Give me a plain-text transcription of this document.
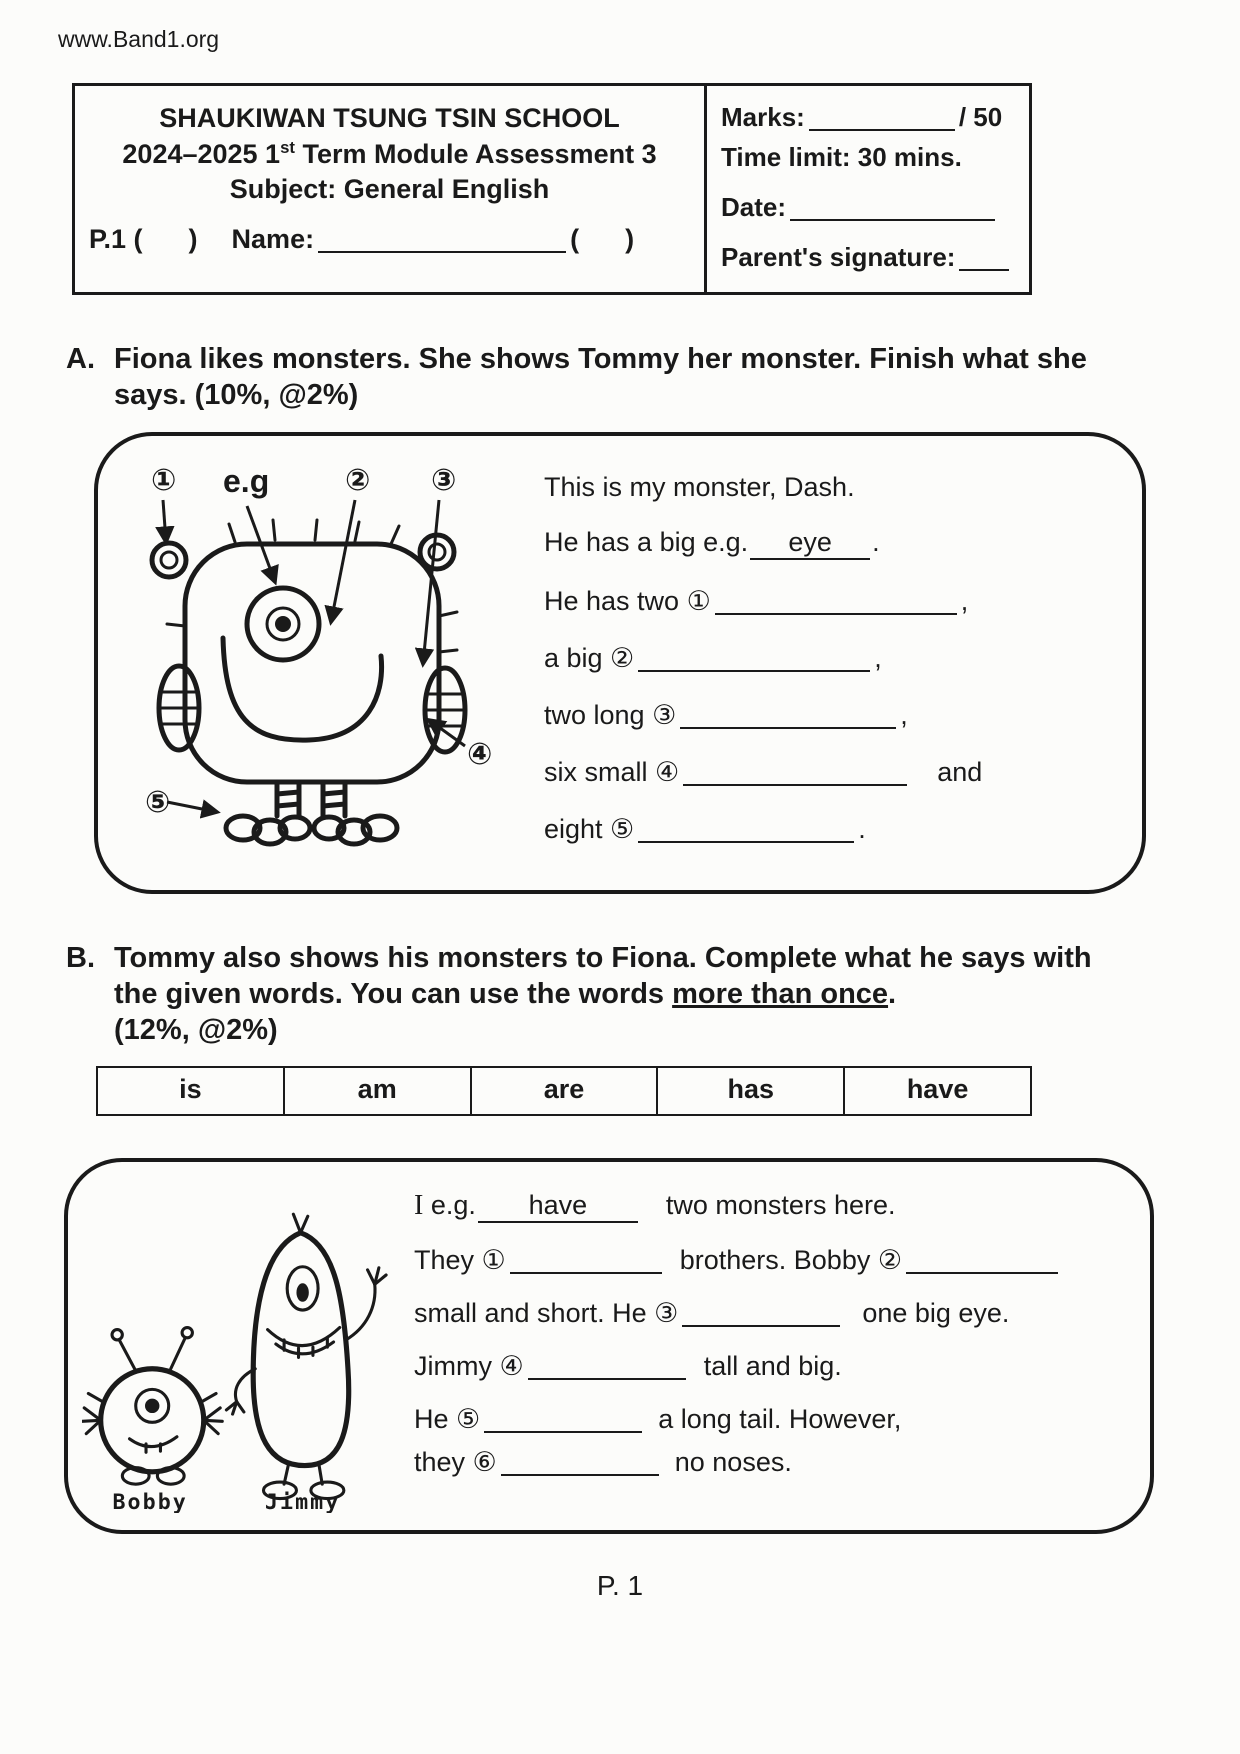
www.Band1.org
SHAUKIWAN TSUNG TSIN SCHOOL
2024–2025 1st Term Module Assessment 3
Subject: General English
P.1 ( ) Name:	( )
Marks:	/ 50
Time limit: 30 mins.
Date:
Parent's signature:
A. Fiona likes monsters. She shows Tommy her monster. Finish what she says. (10%, @2%)
① e.g	② ③
④
⑤
This is my monster, Dash.
He has a big e.g. eye .
He has two ①	,
a big ②	,
two long ③	,
six small ④	and
eight ⑤	.
B. Tommy also shows his monsters to Fiona. Complete what he says with the given words. You can use the words more than once.
(12%, @2%)
is	am	are	has	have
Bobby	Jimmy
I e.g. have	two monsters here.
They ①	brothers. Bobby ②
small and short. He ③	one big eye.
Jimmy ④	tall and big.
He ⑤	a long tail. However,
they ⑥	no noses.
P. 1
